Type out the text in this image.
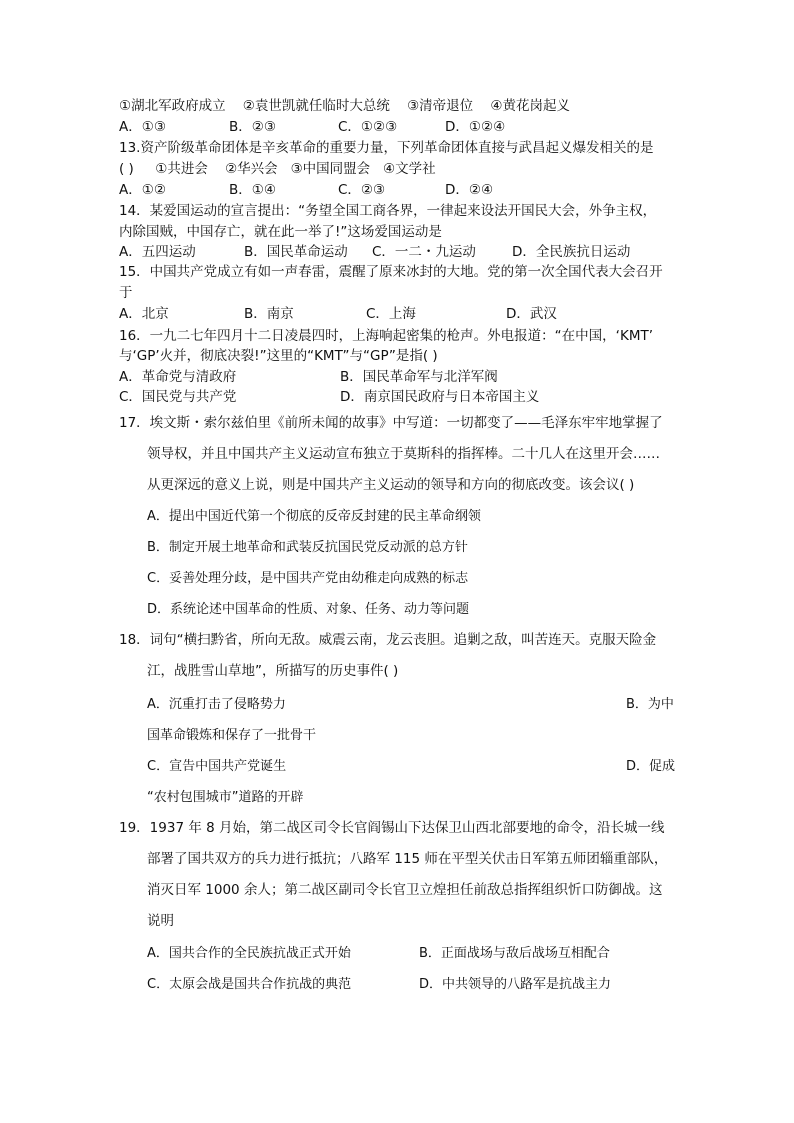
①湖北军政府成立 ②袁世凯就任临时大总统 ③清帝退位 ④黄花岗起义
A．①③	B．②③	C．①②③	D．①②④
13.资产阶级革命团体是辛亥革命的重要力量，下列革命团体直接与武昌起义爆发相关的是
( ) ①共进会 ②华兴会 ③中国同盟会 ④文学社
A．①②	B．①④	C．②③	D．②④
14．某爱国运动的宣言提出：“务望全国工商各界，一律起来设法开国民大会，外争主权，
内除国贼，中国存亡，就在此一举了!”这场爱国运动是
A．五四运动	B．国民革命运动 C．一二・九运动	D．全民族抗日运动
15．中国共产党成立有如一声春雷，震醒了原来冰封的大地。党的第一次全国代表大会召开
于
A．北京	B．南京	C．上海	D．武汉
16．一九二七年四月十二日凌晨四时，上海响起密集的枪声。外电报道：“在中国，‘KMT’
与‘GP’火并，彻底决裂!”这里的“KMT”与“GP”是指( )
A．革命党与清政府	B．国民革命军与北洋军阀
C．国民党与共产党	D．南京国民政府与日本帝国主义
17．埃文斯・索尔兹伯里《前所未闻的故事》中写道：一切都变了——毛泽东牢牢地掌握了
领导权，并且中国共产主义运动宣布独立于莫斯科的指挥棒。二十几人在这里开会……
从更深远的意义上说，则是中国共产主义运动的领导和方向的彻底改变。该会议( )
A．提出中国近代第一个彻底的反帝反封建的民主革命纲领
B．制定开展土地革命和武装反抗国民党反动派的总方针
C．妥善处理分歧，是中国共产党由幼稚走向成熟的标志
D．系统论述中国革命的性质、对象、任务、动力等问题
18．词句“横扫黔省，所向无敌。威震云南，龙云丧胆。追剿之敌，叫苦连天。克服天险金
江，战胜雪山草地”，所描写的历史事件( )
A．沉重打击了侵略势力	B．为中
国革命锻炼和保存了一批骨干
C．宣告中国共产党诞生	D．促成
“农村包围城市”道路的开辟
19．1937 年 8 月始，第二战区司令长官阎锡山下达保卫山西北部要地的命令，沿长城一线
部署了国共双方的兵力进行抵抗；八路军 115 师在平型关伏击日军第五师团辎重部队，
消灭日军 1000 余人；第二战区副司令长官卫立煌担任前敌总指挥组织忻口防御战。这
说明
A．国共合作的全民族抗战正式开始	B．正面战场与敌后战场互相配合
C．太原会战是国共合作抗战的典范	D．中共领导的八路军是抗战主力
